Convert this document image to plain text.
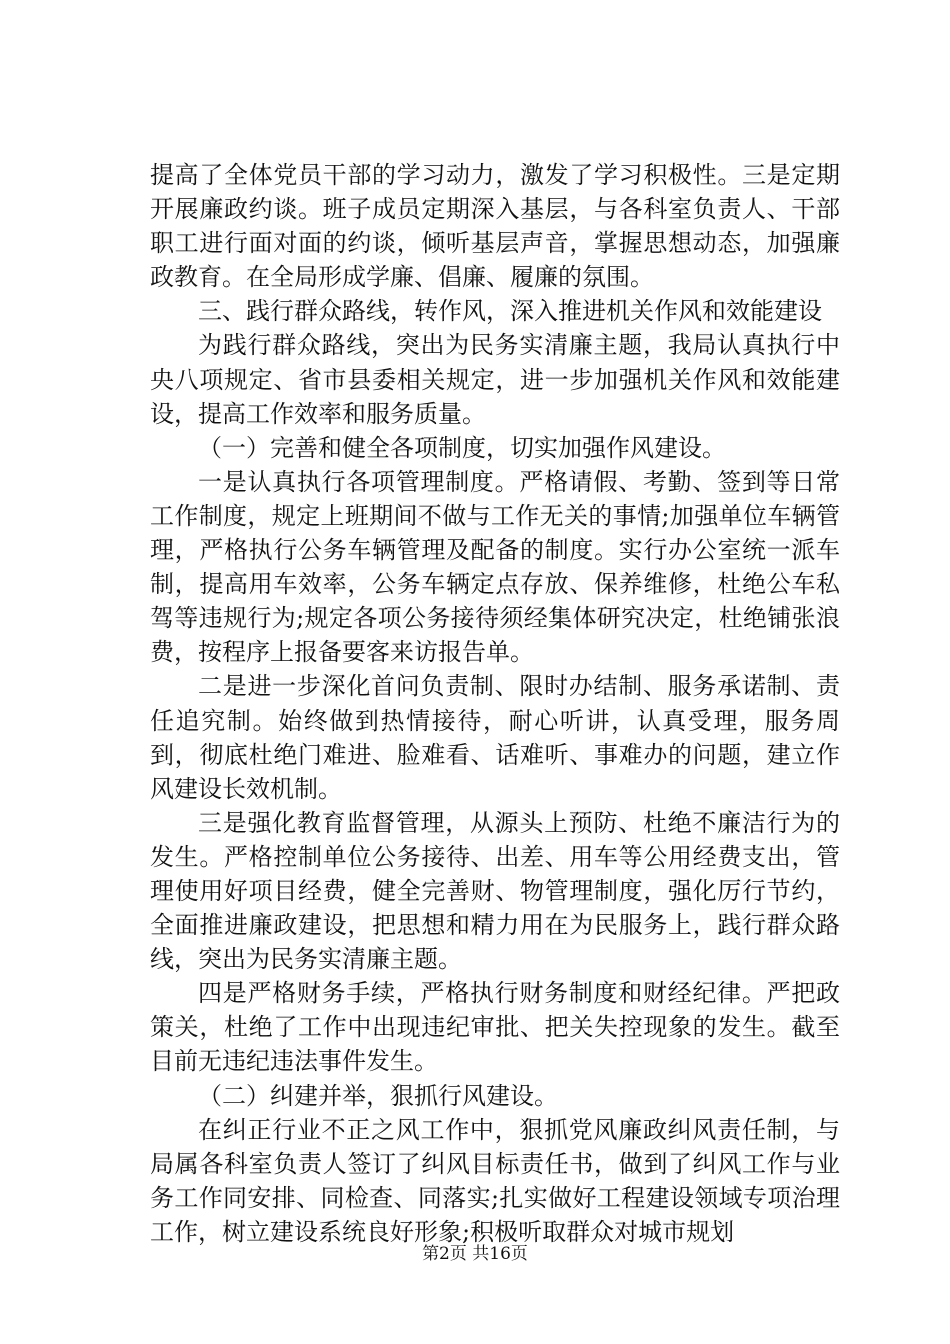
提高了全体党员干部的学习动力，激发了学习积极性。三是定期开展廉政约谈。班子成员定期深入基层，与各科室负责人、干部职工进行面对面的约谈，倾听基层声音，掌握思想动态，加强廉政教育。在全局形成学廉、倡廉、履廉的氛围。

三、践行群众路线，转作风，深入推进机关作风和效能建设

为践行群众路线，突出为民务实清廉主题，我局认真执行中央八项规定、省市县委相关规定，进一步加强机关作风和效能建设，提高工作效率和服务质量。

（一）完善和健全各项制度，切实加强作风建设。

一是认真执行各项管理制度。严格请假、考勤、签到等日常工作制度，规定上班期间不做与工作无关的事情;加强单位车辆管理，严格执行公务车辆管理及配备的制度。实行办公室统一派车制，提高用车效率，公务车辆定点存放、保养维修，杜绝公车私驾等违规行为;规定各项公务接待须经集体研究决定，杜绝铺张浪费，按程序上报备要客来访报告单。

二是进一步深化首问负责制、限时办结制、服务承诺制、责任追究制。始终做到热情接待，耐心听讲，认真受理，服务周到，彻底杜绝门难进、脸难看、话难听、事难办的问题，建立作风建设长效机制。

三是强化教育监督管理，从源头上预防、杜绝不廉洁行为的发生。严格控制单位公务接待、出差、用车等公用经费支出，管理使用好项目经费，健全完善财、物管理制度，强化厉行节约，全面推进廉政建设，把思想和精力用在为民服务上，践行群众路线，突出为民务实清廉主题。

四是严格财务手续，严格执行财务制度和财经纪律。严把政策关，杜绝了工作中出现违纪审批、把关失控现象的发生。截至目前无违纪违法事件发生。

（二）纠建并举，狠抓行风建设。

在纠正行业不正之风工作中，狠抓党风廉政纠风责任制，与局属各科室负责人签订了纠风目标责任书，做到了纠风工作与业务工作同安排、同检查、同落实;扎实做好工程建设领域专项治理工作，树立建设系统良好形象;积极听取群众对城市规划

第2页 共16页
